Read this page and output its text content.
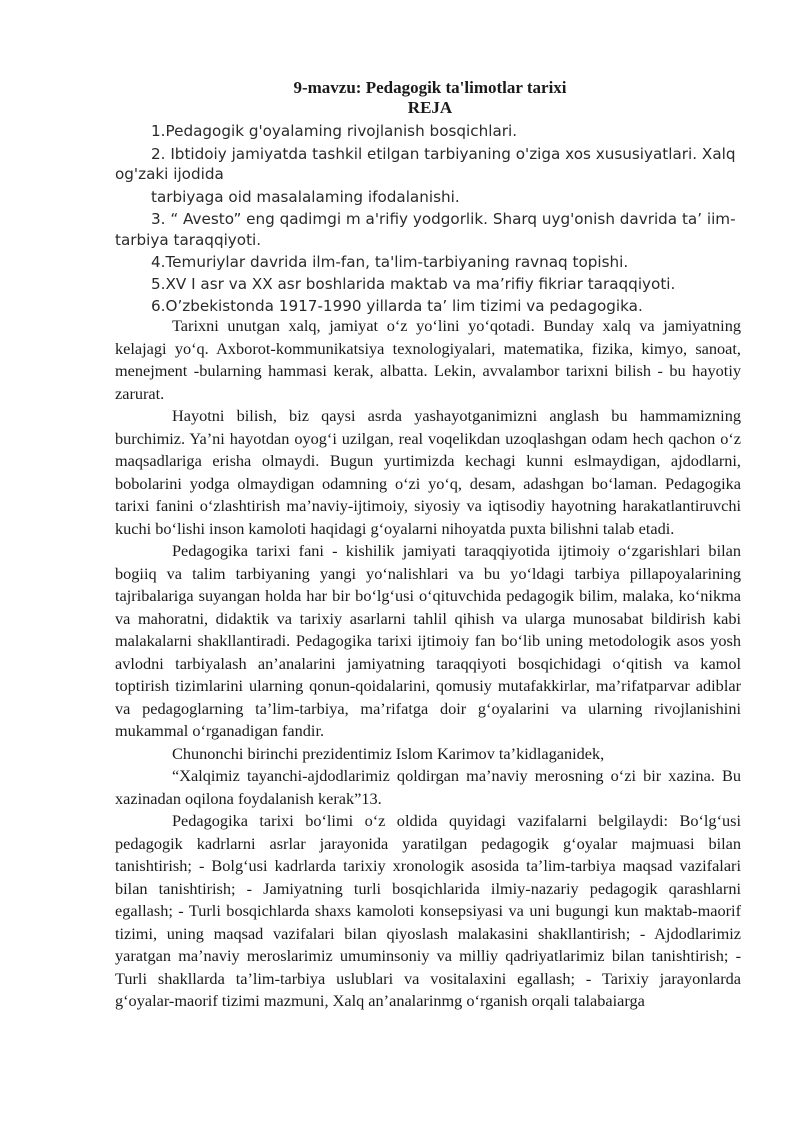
9-mavzu: Pedagogik ta'limotlar tarixi
REJA
1.Pedagogik g'oyalaming rivojlanish bosqichlari.
2. Ibtidoiy jamiyatda tashkil etilgan tarbiyaning o'ziga xos xususiyatlari. Xalq
og'zaki ijodida
tarbiyaga oid masalalaming ifodalanishi.
3. “ Avesto” eng qadimgi m a'rifiy yodgorlik. Sharq uyg'onish davrida ta’ iim-
tarbiya taraqqiyoti.
4.Temuriylar davrida ilm-fan, ta'lim-tarbiyaning ravnaq topishi.
5.XV I asr va XX asr boshlarida maktab va ma’rifiy fikriar taraqqiyoti.
6.O’zbekistonda 1917-1990 yillarda ta’ lim tizimi va pedagogika.

Tarixni unutgan xalq, jamiyat o‘z yo‘lini yo‘qotadi. Bunday xalq va jamiyatning kelajagi yo‘q. Axborot-kommunikatsiya texnologiyalari, matematika, fizika, kimyo, sanoat, menejment -bularning hammasi kerak, albatta. Lekin, avvalambor tarixni bilish - bu hayotiy zarurat.

Hayotni bilish, biz qaysi asrda yashayotganimizni anglash bu hammamizning burchimiz. Ya’ni hayotdan oyog‘i uzilgan, real voqelikdan uzoqlashgan odam hech qachon o‘z maqsadlariga erisha olmaydi. Bugun yurtimizda kechagi kunni eslmaydigan, ajdodlarni, bobolarini yodga olmaydigan odamning o‘zi yo‘q, desam, adashgan bo‘laman. Pedagogika tarixi fanini o‘zlashtirish ma’naviy-ijtimoiy, siyosiy va iqtisodiy hayotning harakatlantiruvchi kuchi bo‘lishi inson kamoloti haqidagi g‘oyalarni nihoyatda puxta bilishni talab etadi.

Pedagogika tarixi fani - kishilik jamiyati taraqqiyotida ijtimoiy o‘zgarishlari bilan bogiiq va talim tarbiyaning yangi yo‘nalishlari va bu yo‘ldagi tarbiya pillapoyalarining tajribalariga suyangan holda har bir bo‘lg‘usi o‘qituvchida pedagogik bilim, malaka, ko‘nikma va mahoratni, didaktik va tarixiy asarlarni tahlil qihish va ularga munosabat bildirish kabi malakalarni shakllantiradi. Pedagogika tarixi ijtimoiy fan bo‘lib uning metodologik asos yosh avlodni tarbiyalash an’analarini jamiyatning taraqqiyoti bosqichidagi o‘qitish va kamol toptirish tizimlarini ularning qonun-qoidalarini, qomusiy mutafakkirlar, ma’rifatparvar adiblar va pedagoglarning ta’lim-tarbiya, ma’rifatga doir g‘oyalarini va ularning rivojlanishini mukammal o‘rganadigan fandir.

Chunonchi birinchi prezidentimiz Islom Karimov ta’kidlaganidek,

“Xalqimiz tayanchi-ajdodlarimiz qoldirgan ma’naviy merosning o‘zi bir xazina. Bu xazinadan oqilona foydalanish kerak”13.

Pedagogika tarixi bo‘limi o‘z oldida quyidagi vazifalarni belgilaydi: Bo‘lg‘usi pedagogik kadrlarni asrlar jarayonida yaratilgan pedagogik g‘oyalar majmuasi bilan tanishtirish; - Bolg‘usi kadrlarda tarixiy xronologik asosida ta’lim-tarbiya maqsad vazifalari bilan tanishtirish; - Jamiyatning turli bosqichlarida ilmiy-nazariy pedagogik qarashlarni egallash; - Turli bosqichlarda shaxs kamoloti konsepsiyasi va uni bugungi kun maktab-maorif tizimi, uning maqsad vazifalari bilan qiyoslash malakasini shakllantirish; - Ajdodlarimiz yaratgan ma’naviy meroslarimiz umuminsoniy va milliy qadriyatlarimiz bilan tanishtirish; - Turli shakllarda ta’lim-tarbiya uslublari va vositalaxini egallash; - Tarixiy jarayonlarda g‘oyalar-maorif tizimi mazmuni, Xalq an’analarinmg o‘rganish orqali talabaiarga
